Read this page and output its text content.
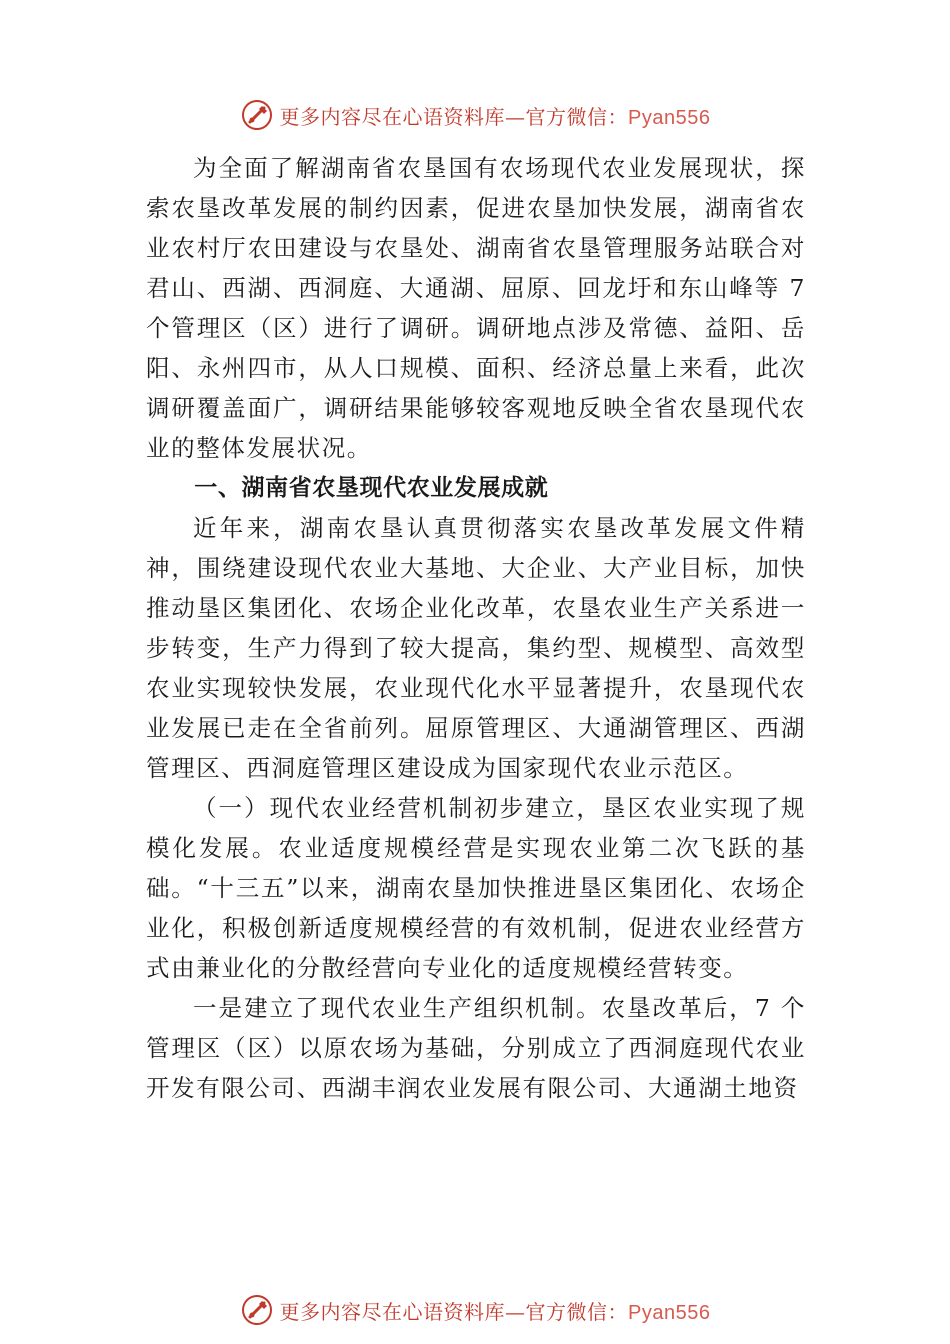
更多内容尽在心语资料库—官方微信：Pyan556

为全面了解湖南省农垦国有农场现代农业发展现状，探索农垦改革发展的制约因素，促进农垦加快发展，湖南省农业农村厅农田建设与农垦处、湖南省农垦管理服务站联合对君山、西湖、西洞庭、大通湖、屈原、回龙圩和东山峰等 7 个管理区（区）进行了调研。调研地点涉及常德、益阳、岳阳、永州四市，从人口规模、面积、经济总量上来看，此次调研覆盖面广，调研结果能够较客观地反映全省农垦现代农业的整体发展状况。

一、湖南省农垦现代农业发展成就

近年来，湖南农垦认真贯彻落实农垦改革发展文件精神，围绕建设现代农业大基地、大企业、大产业目标，加快推动垦区集团化、农场企业化改革，农垦农业生产关系进一步转变，生产力得到了较大提高，集约型、规模型、高效型农业实现较快发展，农业现代化水平显著提升，农垦现代农业发展已走在全省前列。屈原管理区、大通湖管理区、西湖管理区、西洞庭管理区建设成为国家现代农业示范区。

（一）现代农业经营机制初步建立，垦区农业实现了规模化发展。农业适度规模经营是实现农业第二次飞跃的基础。“十三五”以来，湖南农垦加快推进垦区集团化、农场企业化，积极创新适度规模经营的有效机制，促进农业经营方式由兼业化的分散经营向专业化的适度规模经营转变。

一是建立了现代农业生产组织机制。农垦改革后，7 个管理区（区）以原农场为基础，分别成立了西洞庭现代农业开发有限公司、西湖丰润农业发展有限公司、大通湖土地资

更多内容尽在心语资料库—官方微信：Pyan556
